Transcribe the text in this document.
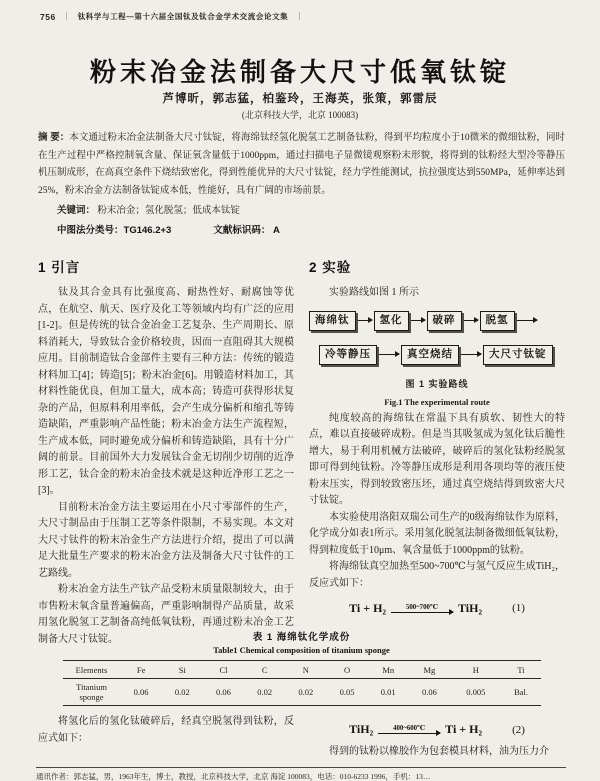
756 ｜ 钛科学与工程—第十六届全国钛及钛合金学术交流会论文集 ｜
粉末冶金法制备大尺寸低氧钛锭
芦博昕，郭志猛，柏鉴玲，王海英，张策，郭雷辰
(北京科技大学，北京 100083)

摘 要：本文通过粉末冶金法制备大尺寸钛锭，将海绵钛经氢化脱氢工艺制备钛粉，得到平均粒度小于10微米的微细钛粉，同时在生产过程中严格控制氧含量、保证氧含量低于1000ppm，通过扫描电子显微镜观察粉末形貌，将得到的钛粉经大型冷等静压机压制成形，在高真空条件下烧结致密化，得到性能优异的大尺寸钛锭，经力学性能测试，抗拉强度达到550MPa，延伸率达到25%，粉末冶金方法制备钛锭成本低，性能好，具有广阔的市场前景。

关键词： 粉末冶金；氢化脱氢；低成本钛锭

中图法分类号：TG146.2+3	文献标识码： A

1 引言

钛及其合金具有比强度高、耐热性好、耐腐蚀等优点，在航空、航天、医疗及化工等领域内均有广泛的应用[1-2]。但是传统的钛合金冶金工艺复杂、生产周期长、原料消耗大，导致钛合金价格较贵，因而一直阻碍其大规模应用。目前制造钛合金部件主要有三种方法：传统的锻造材料加工[4]；铸造[5]；粉末冶金[6]。用锻造材料加工，其材料性能优良，但加工量大，成本高；铸造可获得形状复杂的产品，但原料利用率低，会产生成分偏析和缩孔等铸造缺陷，严重影响产品性能；粉末冶金方法生产流程短，生产成本低，同时避免成分偏析和铸造缺陷，具有十分广阔的前景。目前国外大力发展钛合金无切削少切削的近净形工艺，钛合金的粉末冶金技术就是这种近净形工艺之一[3]。

目前粉末冶金方法主要运用在小尺寸零部件的生产，大尺寸制品由于压制工艺等条件限制，不易实现。本文对大尺寸钛件的粉末冶金生产方法进行介绍，提出了可以满足大批量生产要求的粉末冶金方法及制备大尺寸钛件的工艺路线。

粉末冶金方法生产钛产品受粉末质量限制较大，由于市售粉末氧含量普遍偏高，严重影响制得产品质量，故采用氢化脱氢工艺制备高纯低氧钛粉，再通过粉末冶金工艺制备大尺寸钛锭。

2 实验

实验路线如图 1 所示

海绵钛	氢化	破碎	脱氢
冷等静压	真空烧结	大尺寸钛锭
图 1 实验路线
Fig.1 The experimental route

纯度较高的海绵钛在常温下具有质软、韧性大的特点，难以直接破碎成粉。但是当其吸氢成为氢化钛后脆性增大，易于利用机械方法破碎，破碎后的氢化钛粉经脱氢即可得到纯钛粉。冷等静压成形是利用各项均等的液压使粉末压实，得到较致密压坯，通过真空烧结得到致密大尺寸钛锭。

本实验使用洛阳双瑞公司生产的0级海绵钛作为原料，化学成分如表1所示。采用氢化脱氢法制备微细低氧钛粉，得到粒度低于10μm、氧含量低于1000ppm的钛粉。

将海绵钛真空加热至500~700℃与氢气反应生成TiH₂，反应式如下：

Ti + H₂	500~700℃ TiH₂	(1)
表 1 海绵钛化学成份
Table1 Chemical composition of titanium sponge
Elements	Fe	Si	Cl	C	N	O	Mn	Mg	H	Ti
Titanium sponge	0.06	0.02	0.06	0.02	0.02	0.05	0.01	0.06	0.005	Bal.

将氢化后的氢化钛破碎后，经真空脱氢得到钛粉，反应式如下：

TiH₂	400~600℃ Ti + H₂	(2)

得到的钛粉以橡胶作为包套模具材料，油为压力介

通讯作者：郭志猛，男，1963年生，博士，教授，北京科技大学，北京 海淀 100083，电话：010-6233 1996，手机：13…
